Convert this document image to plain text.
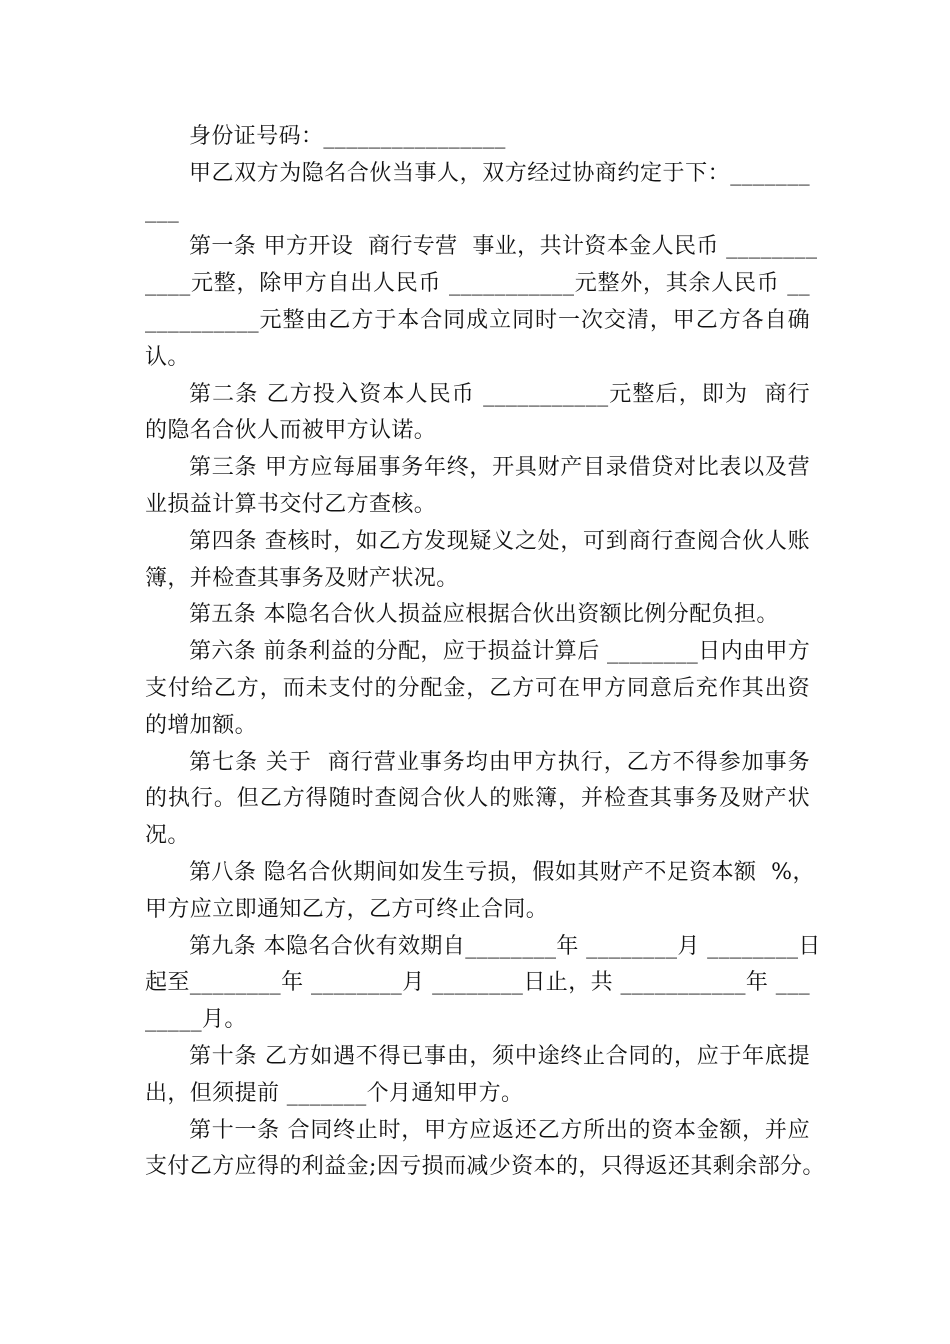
身份证号码：________________
甲乙双方为隐名合伙当事人，双方经过协商约定于下：_______
___
第一条 甲方开设  商行专营  事业，共计资本金人民币 ________
____元整，除甲方自出人民币 ___________元整外，其余人民币 __
__________元整由乙方于本合同成立同时一次交清，甲乙方各自确
认。
第二条 乙方投入资本人民币 ___________元整后，即为  商行
的隐名合伙人而被甲方认诺。
第三条 甲方应每届事务年终，开具财产目录借贷对比表以及营
业损益计算书交付乙方查核。
第四条 查核时，如乙方发现疑义之处，可到商行查阅合伙人账
簿，并检查其事务及财产状况。
第五条 本隐名合伙人损益应根据合伙出资额比例分配负担。
第六条 前条利益的分配，应于损益计算后 ________日内由甲方
支付给乙方，而未支付的分配金，乙方可在甲方同意后充作其出资
的增加额。
第七条 关于  商行营业事务均由甲方执行，乙方不得参加事务
的执行。但乙方得随时查阅合伙人的账簿，并检查其事务及财产状
况。
第八条 隐名合伙期间如发生亏损，假如其财产不足资本额  %，
甲方应立即通知乙方，乙方可终止合同。
第九条 本隐名合伙有效期自________年 ________月 ________日
起至________年 ________月 ________日止，共 ___________年 ___
_____月。
第十条 乙方如遇不得已事由，须中途终止合同的，应于年底提
出，但须提前 _______个月通知甲方。
第十一条 合同终止时，甲方应返还乙方所出的资本金额，并应
支付乙方应得的利益金;因亏损而减少资本的，只得返还其剩余部分。
